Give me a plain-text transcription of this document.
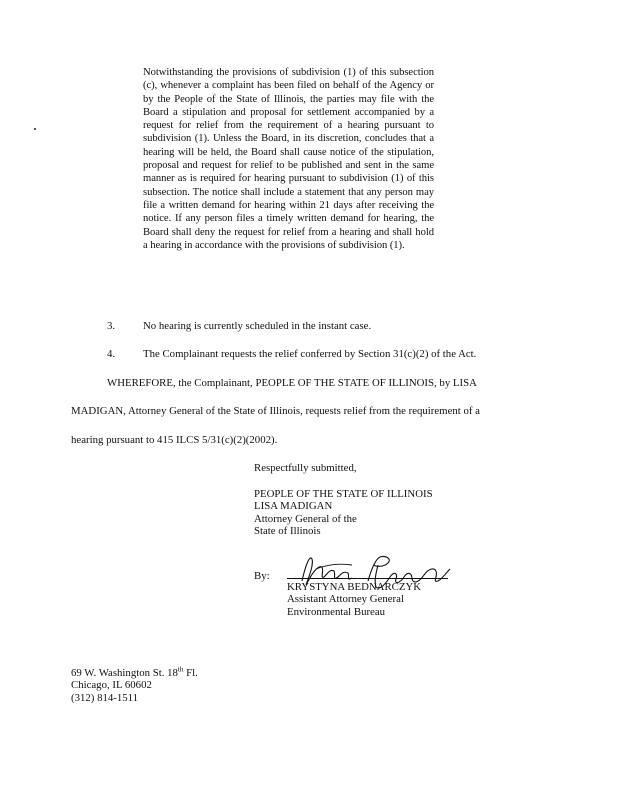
Notwithstanding the provisions of subdivision (1) of this subsection (c), whenever a complaint has been filed on behalf of the Agency or by the People of the State of Illinois, the parties may file with the Board a stipulation and proposal for settlement accompanied by a request for relief from the requirement of a hearing pursuant to subdivision (1). Unless the Board, in its discretion, concludes that a hearing will be held, the Board shall cause notice of the stipulation, proposal and request for relief to be published and sent in the same manner as is required for hearing pursuant to subdivision (1) of this subsection. The notice shall include a statement that any person may file a written demand for hearing within 21 days after receiving the notice. If any person files a timely written demand for hearing, the Board shall deny the request for relief from a hearing and shall hold a hearing in accordance with the provisions of subdivision (1).
3.	No hearing is currently scheduled in the instant case.
4.	The Complainant requests the relief conferred by Section 31(c)(2) of the Act.
WHEREFORE, the Complainant, PEOPLE OF THE STATE OF ILLINOIS, by LISA
MADIGAN, Attorney General of the State of Illinois, requests relief from the requirement of a
hearing pursuant to 415 ILCS 5/31(c)(2)(2002).
Respectfully submitted,
PEOPLE OF THE STATE OF ILLINOIS
LISA MADIGAN
Attorney General of the
State of Illinois
By:
KRYSTYNA BEDNARCZYK
Assistant Attorney General
Environmental Bureau
69 W. Washington St. 18th Fl.
Chicago, IL 60602
(312) 814-1511
